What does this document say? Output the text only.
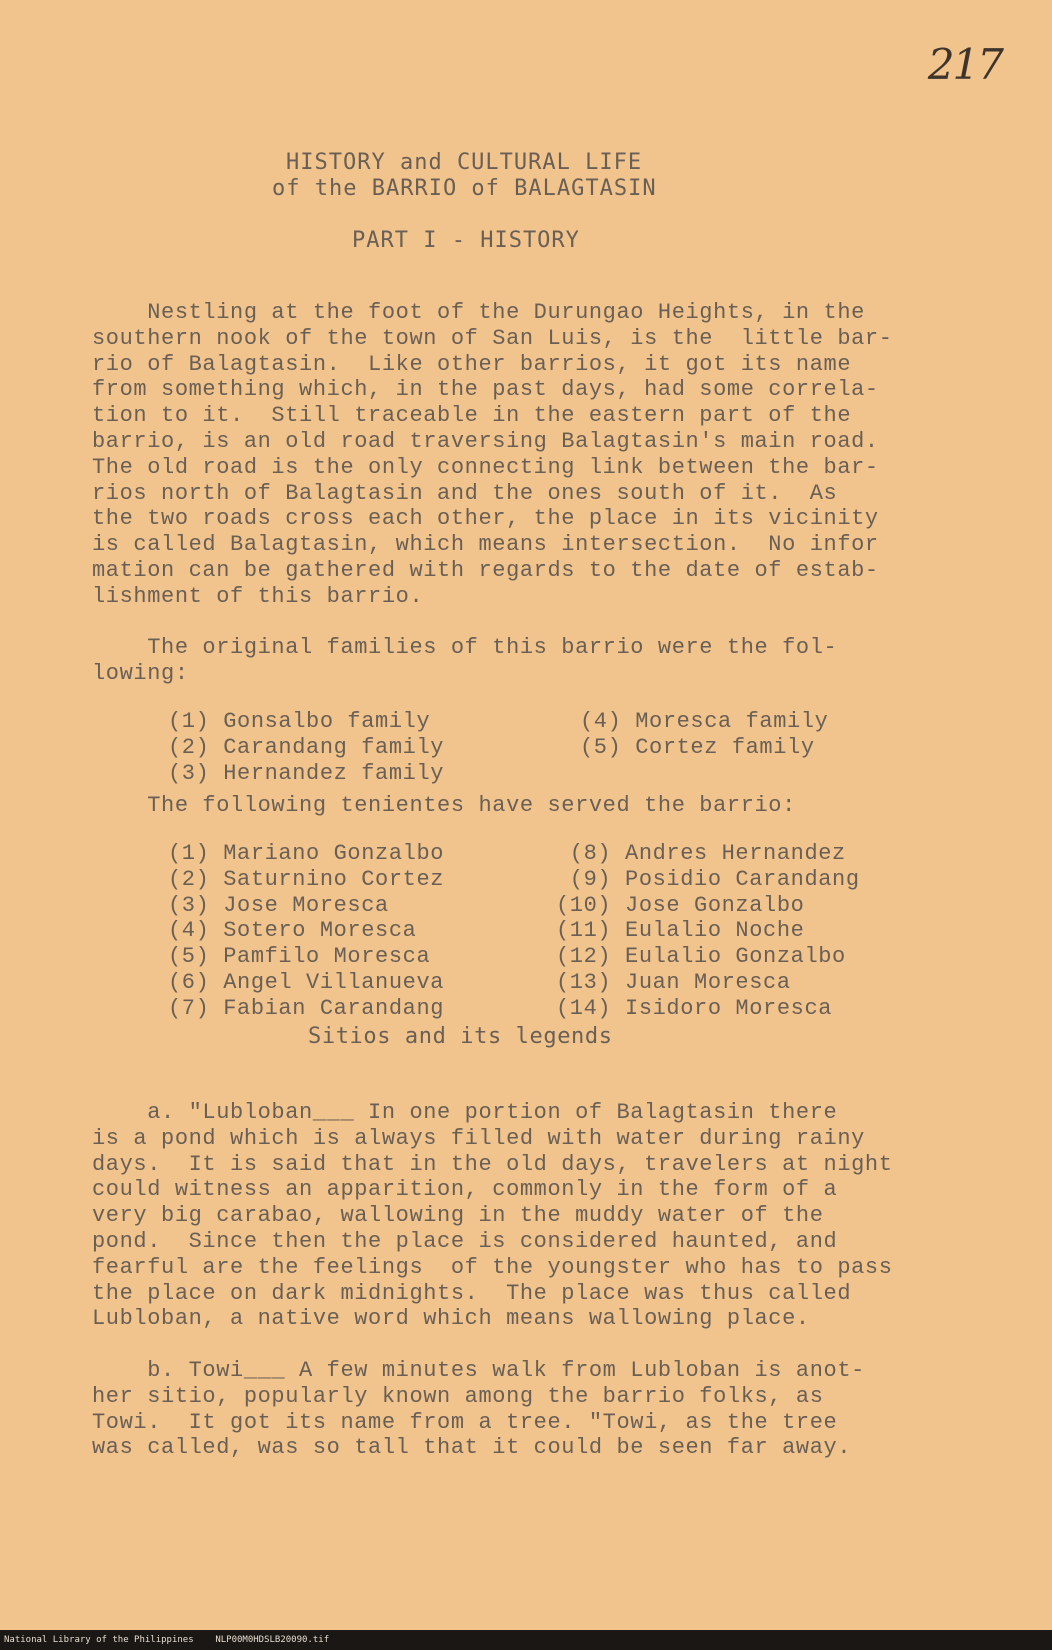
217
HISTORY and CULTURAL LIFE
of the BARRIO of BALAGTASIN
PART I - HISTORY
Nestling at the foot of the Durungao Heights, in the
southern nook of the town of San Luis, is the  little bar-
rio of Balagtasin.  Like other barrios, it got its name
from something which, in the past days, had some correla-
tion to it.  Still traceable in the eastern part of the
barrio, is an old road traversing Balagtasin's main road.
The old road is the only connecting link between the bar-
rios north of Balagtasin and the ones south of it.  As
the two roads cross each other, the place in its vicinity
is called Balagtasin, which means intersection.  No infor
mation can be gathered with regards to the date of estab-
lishment of this barrio.
The original families of this barrio were the fol-
lowing:
(1) Gonsalbo family
(2) Carandang family
(3) Hernandez family
(4) Moresca family
(5) Cortez family
The following tenientes have served the barrio:
(1) Mariano Gonzalbo
(2) Saturnino Cortez
(3) Jose Moresca
(4) Sotero Moresca
(5) Pamfilo Moresca
(6) Angel Villanueva
(7) Fabian Carandang
(8) Andres Hernandez
(9) Posidio Carandang
(10) Jose Gonzalbo
(11) Eulalio Noche
(12) Eulalio Gonzalbo
(13) Juan Moresca
(14) Isidoro Moresca
Sitios and its legends
a. "Lubloban___ In one portion of Balagtasin there
is a pond which is always filled with water during rainy
days.  It is said that in the old days, travelers at night
could witness an apparition, commonly in the form of a
very big carabao, wallowing in the muddy water of the
pond.  Since then the place is considered haunted, and
fearful are the feelings  of the youngster who has to pass
the place on dark midnights.  The place was thus called
Lubloban, a native word which means wallowing place.
b. Towi___ A few minutes walk from Lubloban is anot-
her sitio, popularly known among the barrio folks, as
Towi.  It got its name from a tree. "Towi, as the tree
was called, was so tall that it could be seen far away.
National Library of the Philippines    NLP00M0HDSLB20090.tif
